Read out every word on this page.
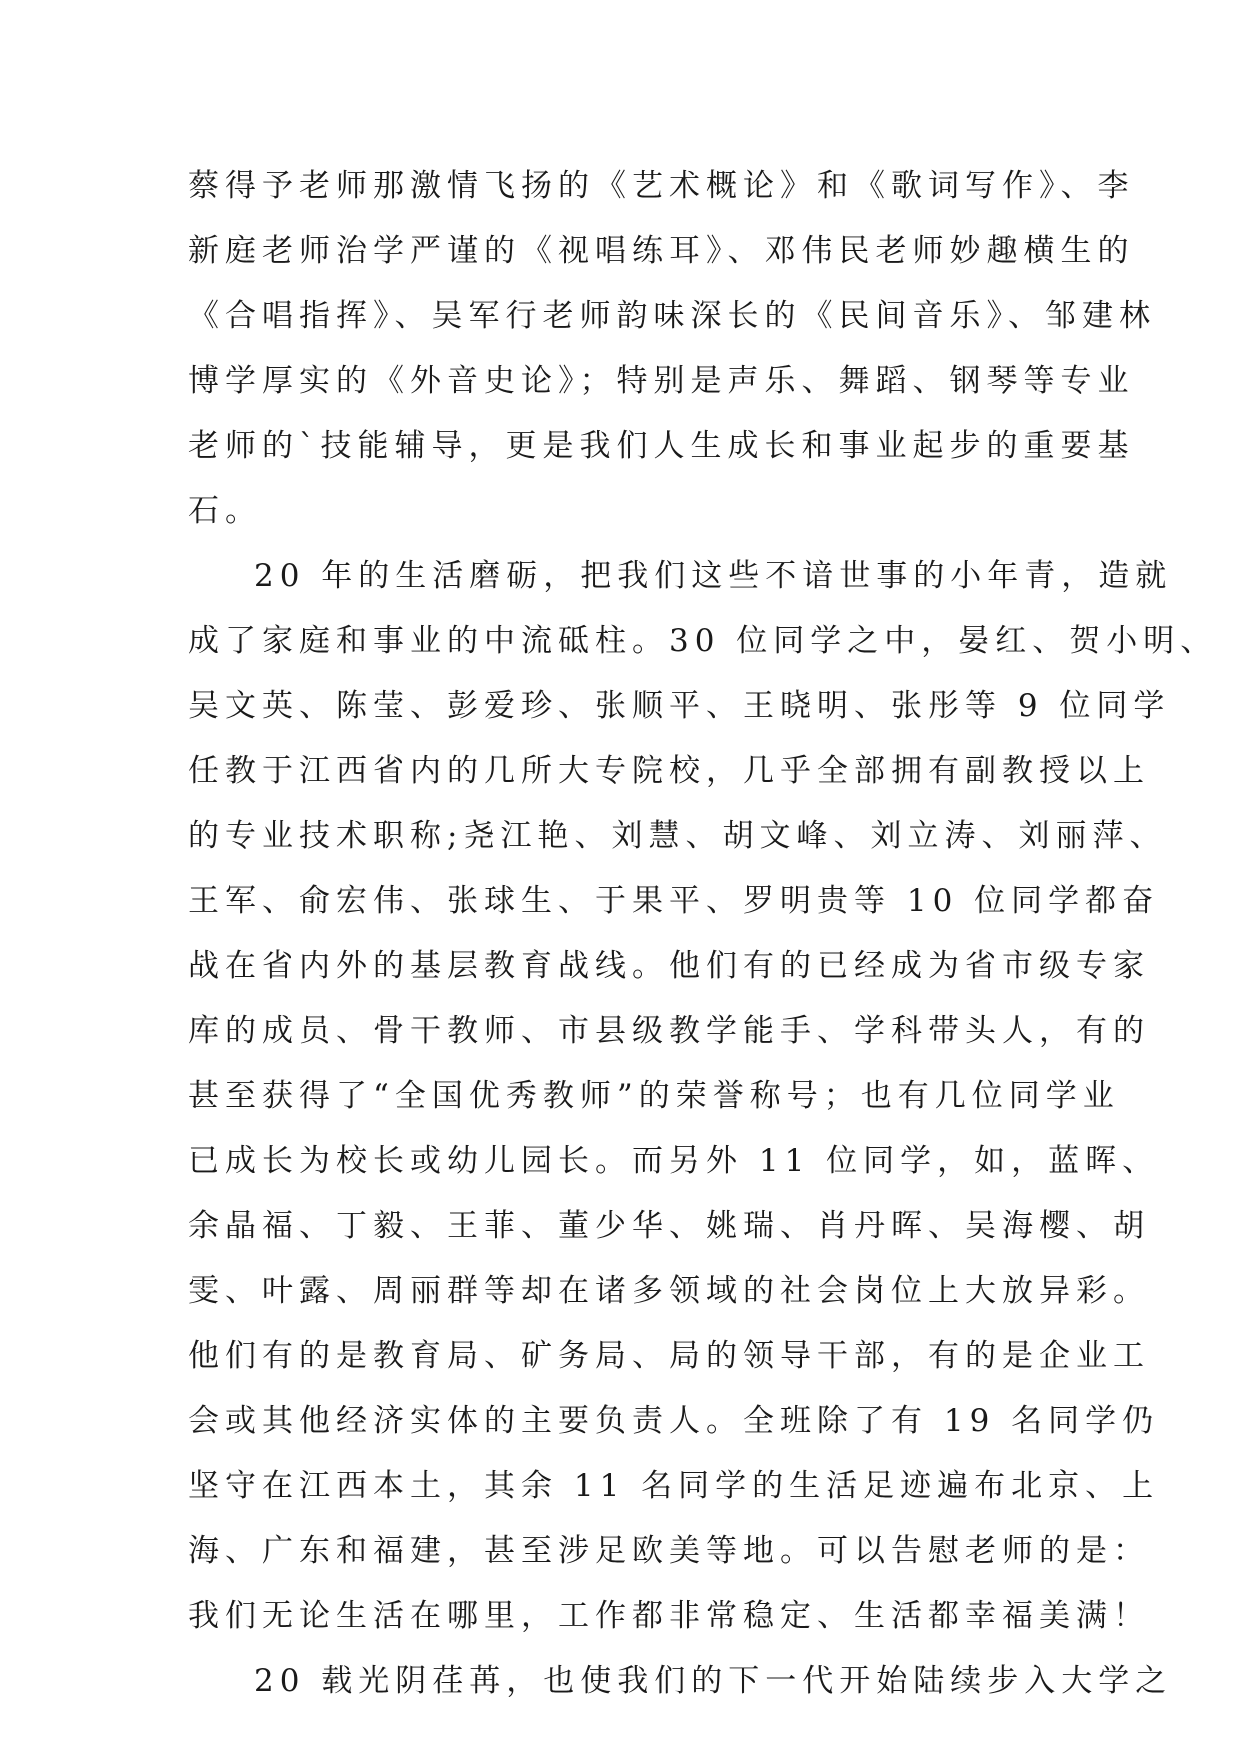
蔡得予老师那激情飞扬的《艺术概论》和《歌词写作》、李
新庭老师治学严谨的《视唱练耳》、邓伟民老师妙趣横生的
《合唱指挥》、吴军行老师韵味深长的《民间音乐》、邹建林
博学厚实的《外音史论》；特别是声乐、舞蹈、钢琴等专业
老师的`技能辅导，更是我们人生成长和事业起步的重要基
石。
20 年的生活磨砺，把我们这些不谙世事的小年青，造就
成了家庭和事业的中流砥柱。30 位同学之中，晏红、贺小明、
吴文英、陈莹、彭爱珍、张顺平、王晓明、张彤等 9 位同学
任教于江西省内的几所大专院校，几乎全部拥有副教授以上
的专业技术职称;尧江艳、刘慧、胡文峰、刘立涛、刘丽萍、
王军、俞宏伟、张球生、于果平、罗明贵等 10 位同学都奋
战在省内外的基层教育战线。他们有的已经成为省市级专家
库的成员、骨干教师、市县级教学能手、学科带头人，有的
甚至获得了“全国优秀教师”的荣誉称号；也有几位同学业
已成长为校长或幼儿园长。而另外 11 位同学，如，蓝晖、
余晶福、丁毅、王菲、董少华、姚瑞、肖丹晖、吴海樱、胡
雯、叶露、周丽群等却在诸多领域的社会岗位上大放异彩。
他们有的是教育局、矿务局、局的领导干部，有的是企业工
会或其他经济实体的主要负责人。全班除了有 19 名同学仍
坚守在江西本土，其余 11 名同学的生活足迹遍布北京、上
海、广东和福建，甚至涉足欧美等地。可以告慰老师的是：
我们无论生活在哪里，工作都非常稳定、生活都幸福美满！
20 载光阴荏苒，也使我们的下一代开始陆续步入大学之
